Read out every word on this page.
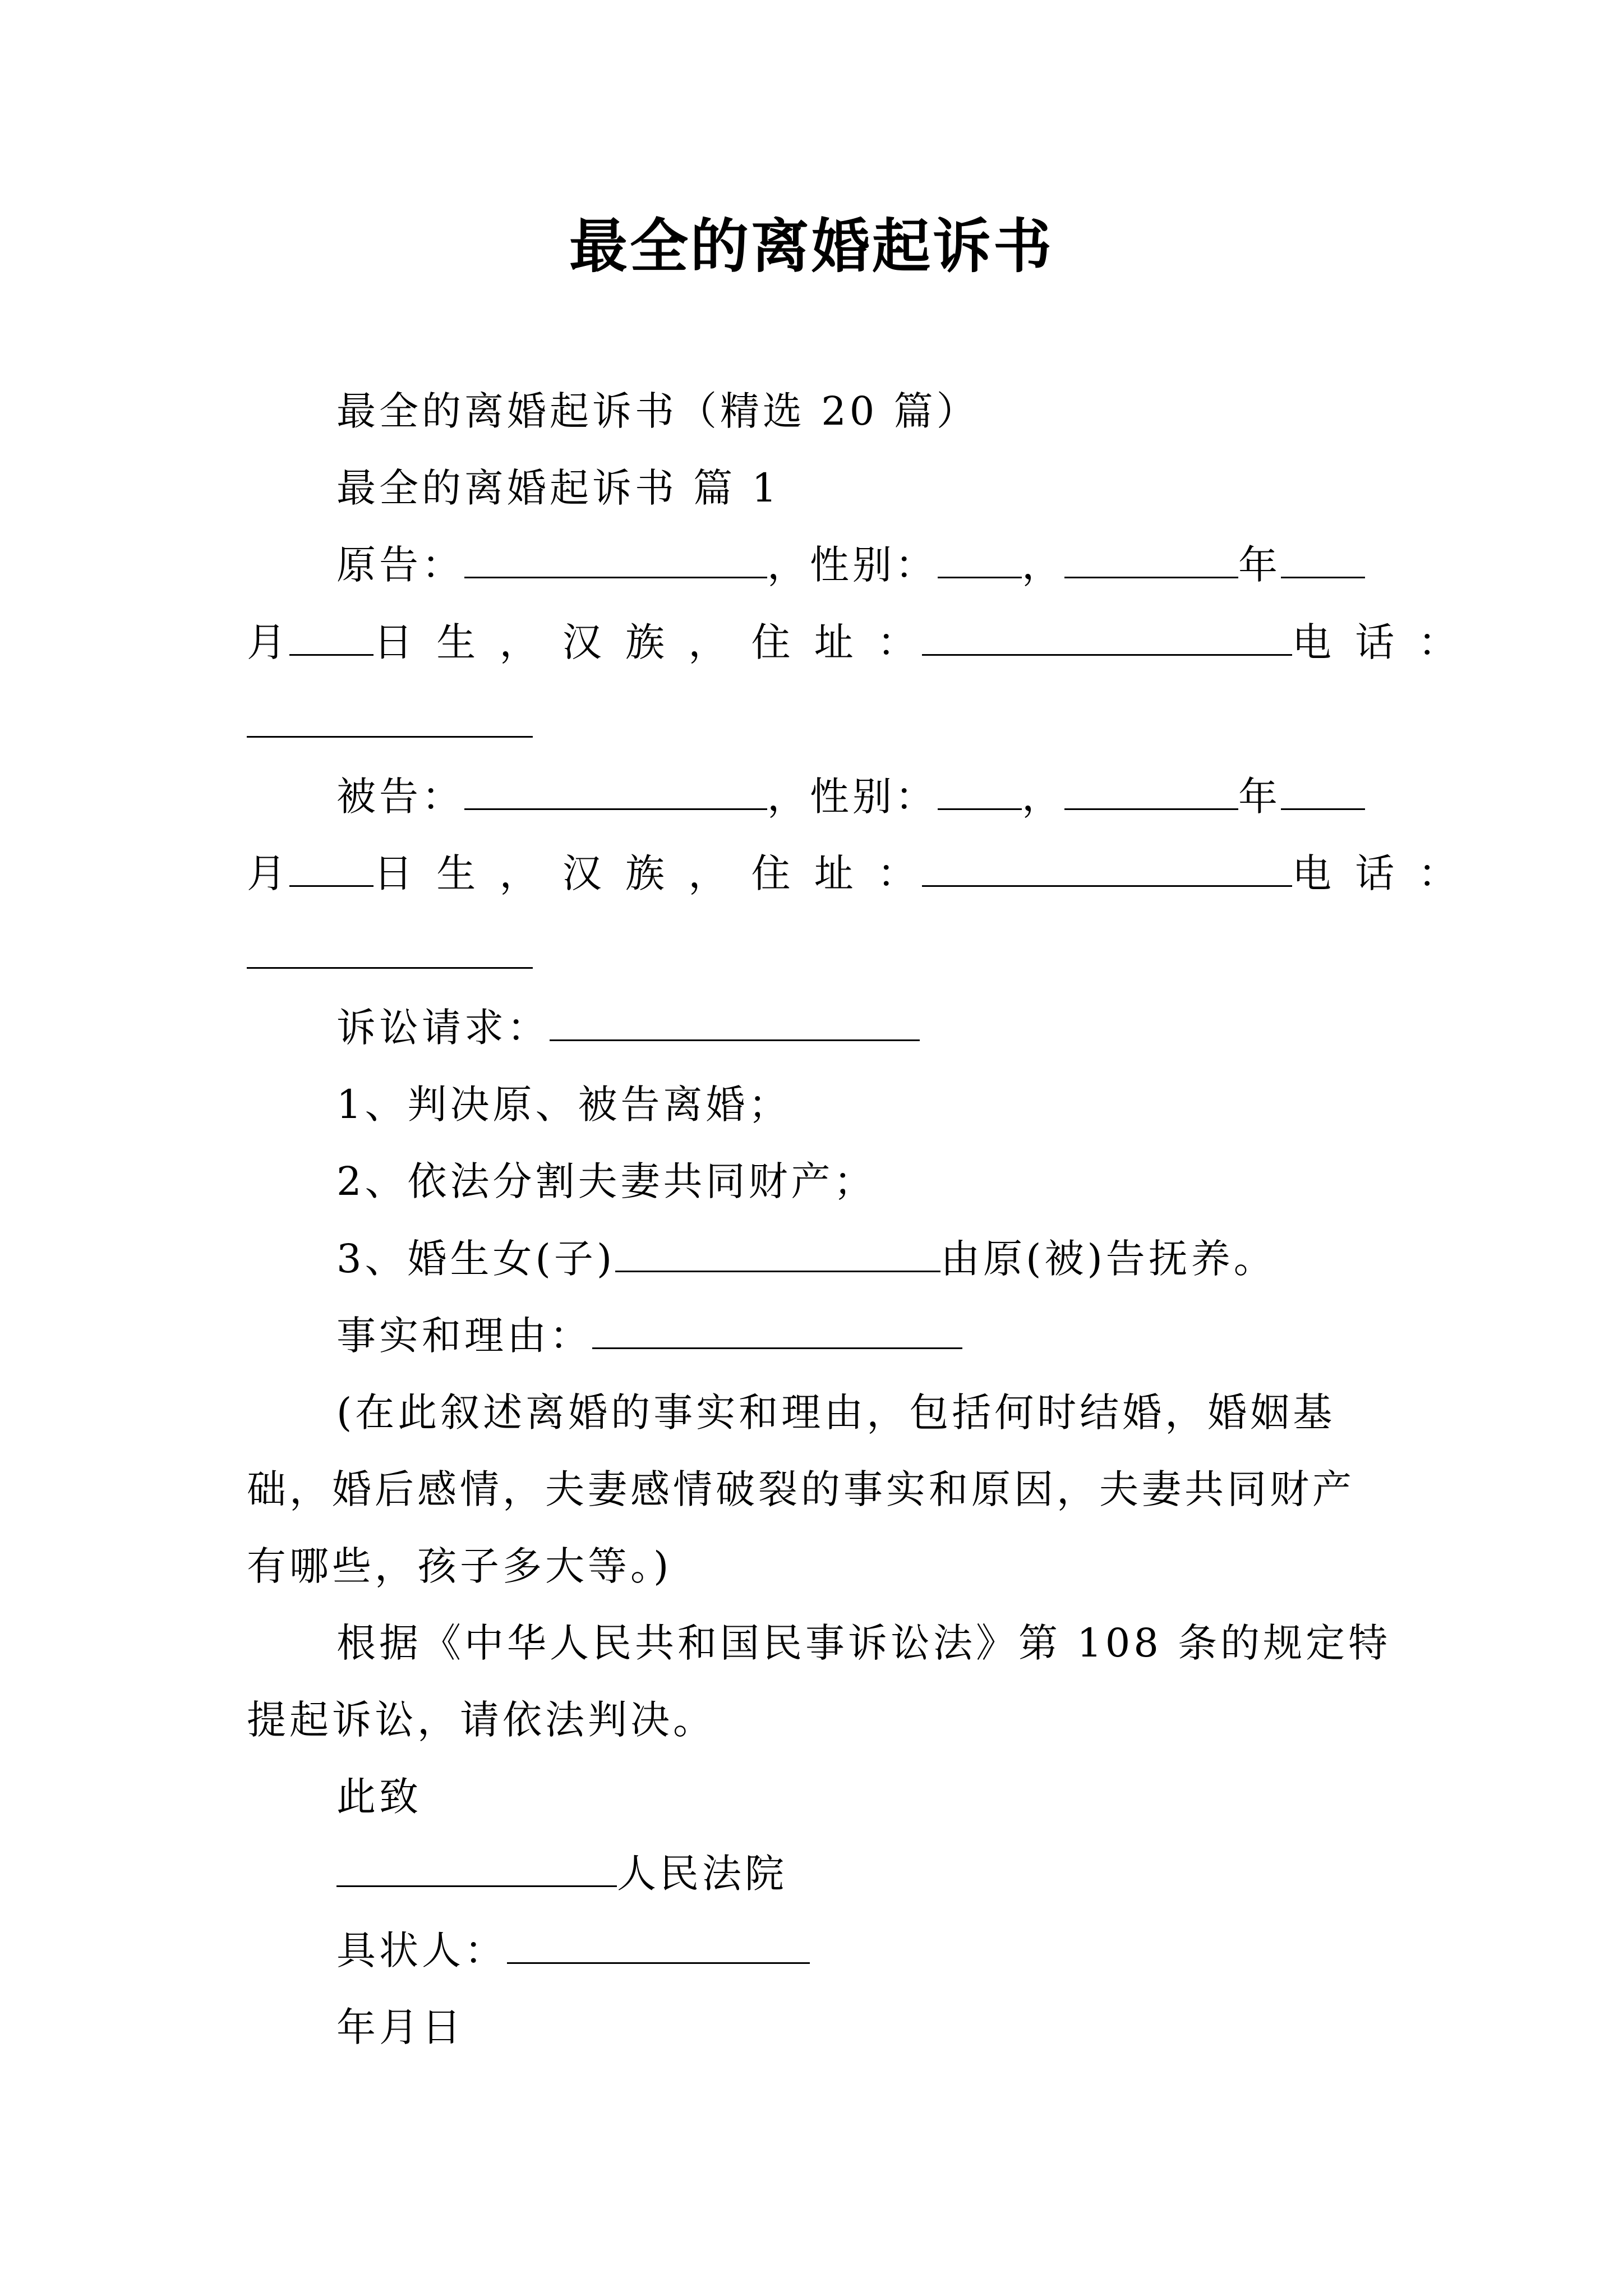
最全的离婚起诉书
最全的离婚起诉书（精选 20 篇）
最全的离婚起诉书 篇 1
原告：	，性别： ，	年
月 日 生 ， 汉 族 ， 住 址 ：	电 话 ：
被告：	，性别： ，	年
月 日 生 ， 汉 族 ， 住 址 ：	电 话 ：
诉讼请求：
1、判决原、被告离婚；
2、依法分割夫妻共同财产；
3、婚生女(子)	由原(被)告抚养。
事实和理由：
(在此叙述离婚的事实和理由，包括何时结婚，婚姻基
础，婚后感情，夫妻感情破裂的事实和原因，夫妻共同财产
有哪些，孩子多大等。)
根据《中华人民共和国民事诉讼法》第 108 条的规定特
提起诉讼，请依法判决。
此致
人民法院
具状人：
年月日
